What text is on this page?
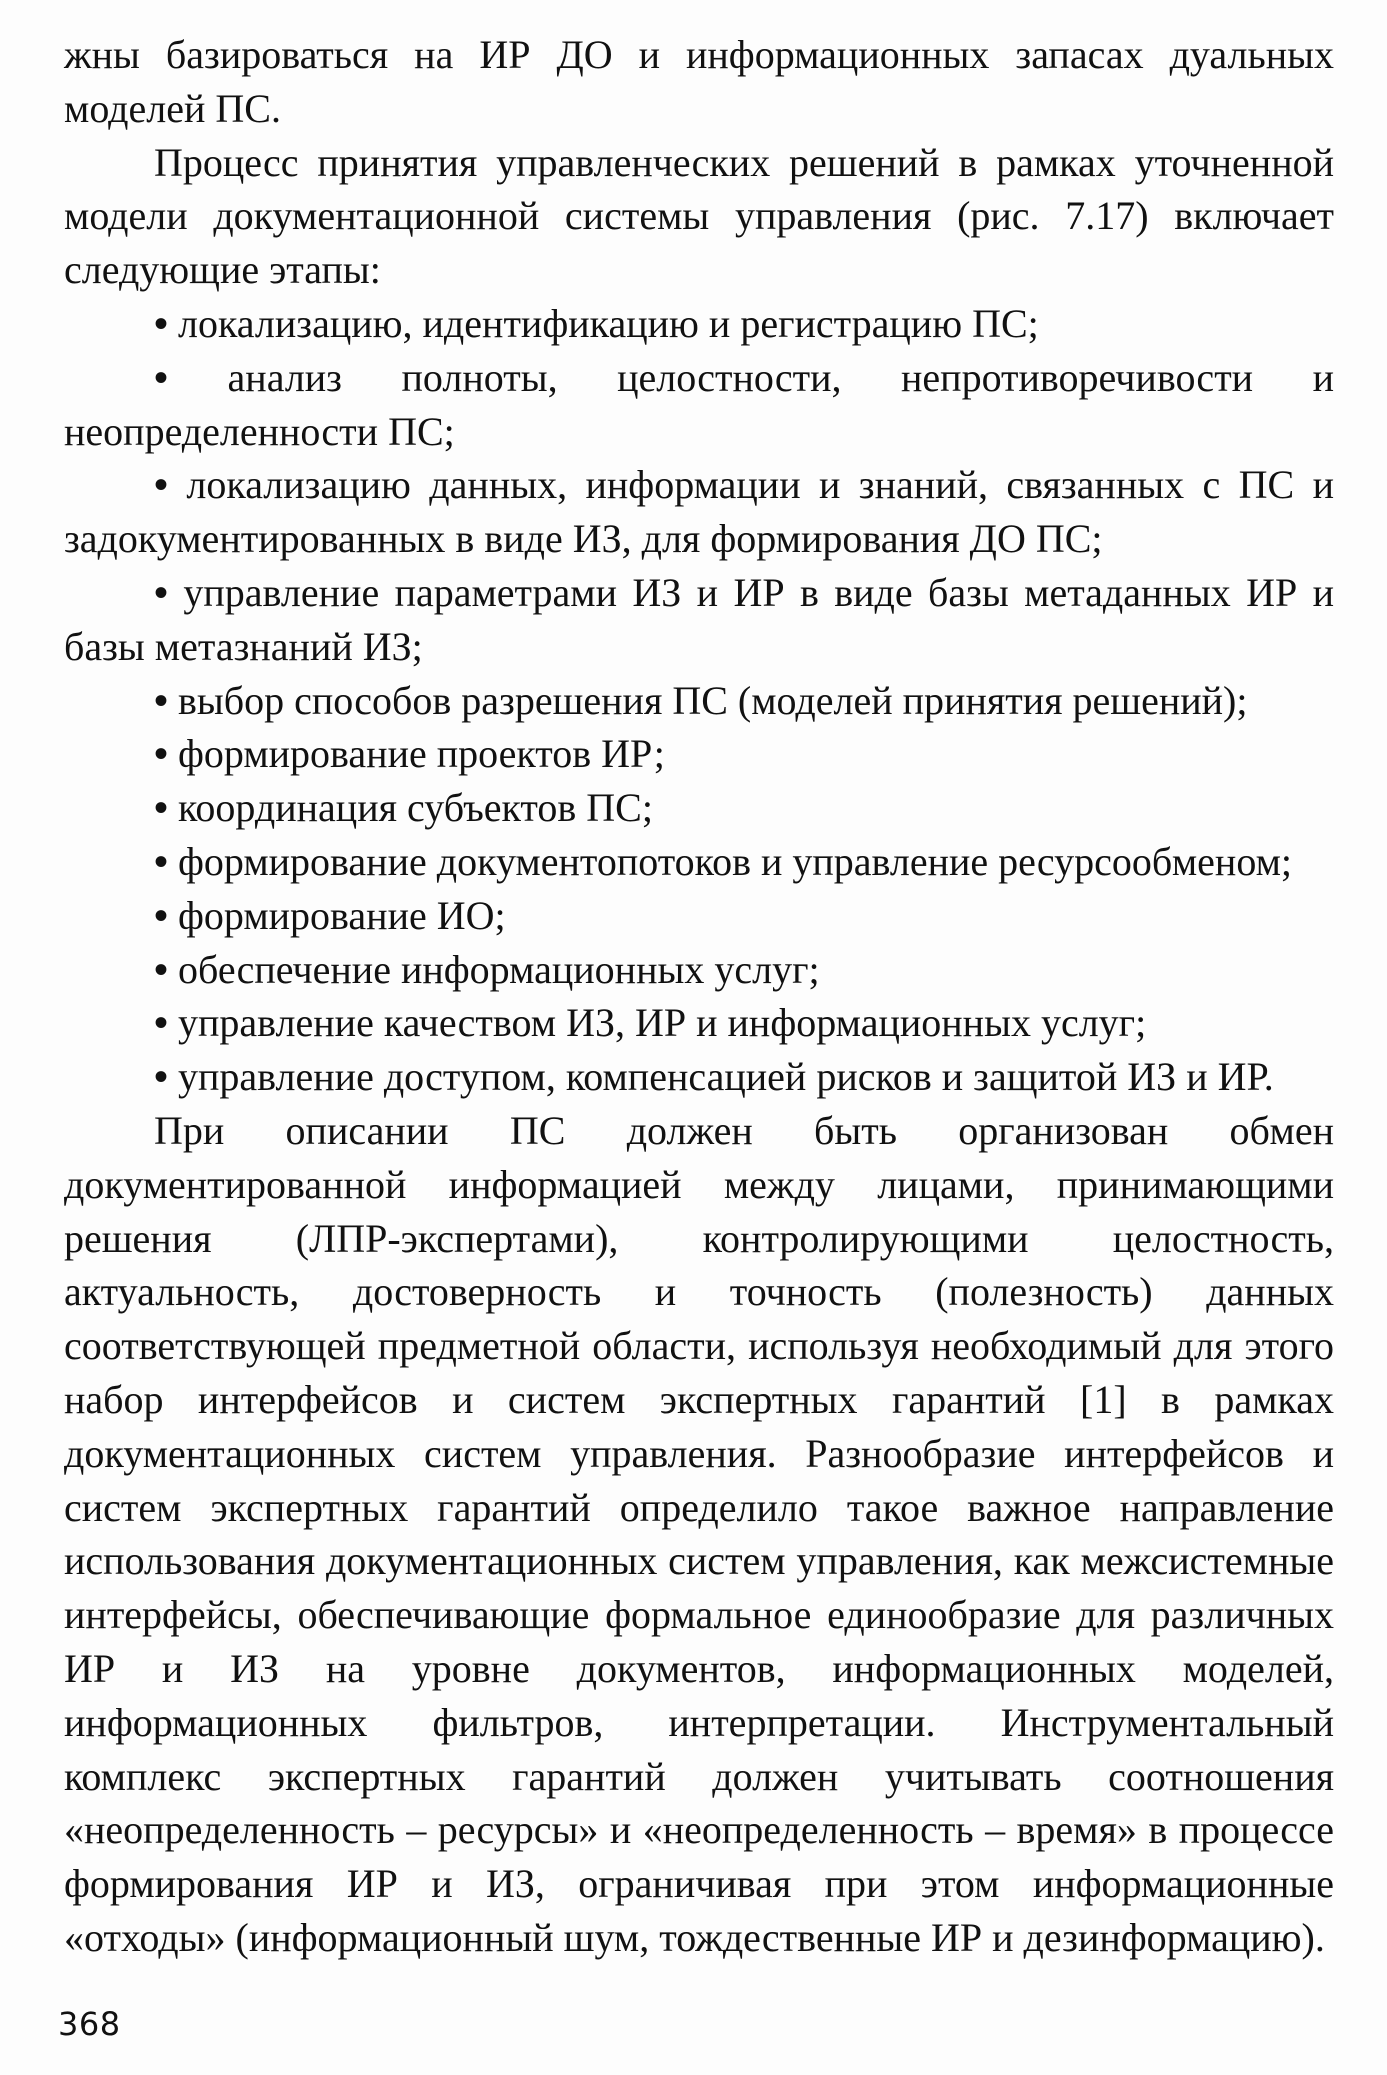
жны базироваться на ИР ДО и информационных запасах дуальных моделей ПС.

Процесс принятия управленческих решений в рамках уточненной модели документационной системы управления (рис. 7.17) включает следующие этапы:

• локализацию, идентификацию и регистрацию ПС;

• анализ полноты, целостности, непротиворечивости и неопределенности ПС;

• локализацию данных, информации и знаний, связанных с ПС и задокументированных в виде ИЗ, для формирования ДО ПС;

• управление параметрами ИЗ и ИР в виде базы метаданных ИР и базы метазнаний ИЗ;

• выбор способов разрешения ПС (моделей принятия решений);

• формирование проектов ИР;

• координация субъектов ПС;

• формирование документопотоков и управление ресурсообменом;

• формирование ИО;

• обеспечение информационных услуг;

• управление качеством ИЗ, ИР и информационных услуг;

• управление доступом, компенсацией рисков и защитой ИЗ и ИР.

При описании ПС должен быть организован обмен документированной информацией между лицами, принимающими решения (ЛПР-экспертами), контролирующими целостность, актуальность, достоверность и точность (полезность) данных соответствующей предметной области, используя необходимый для этого набор интерфейсов и систем экспертных гарантий [1] в рамках документационных систем управления. Разнообразие интерфейсов и систем экспертных гарантий определило такое важное направление использования документационных систем управления, как межсистемные интерфейсы, обеспечивающие формальное единообразие для различных ИР и ИЗ на уровне документов, информационных моделей, информационных фильтров, интерпретации. Инструментальный комплекс экспертных гарантий должен учитывать соотношения «неопределенность – ресурсы» и «неопределенность – время» в процессе формирования ИР и ИЗ, ограничивая при этом информационные «отходы» (информационный шум, тождественные ИР и дезинформацию).

368
